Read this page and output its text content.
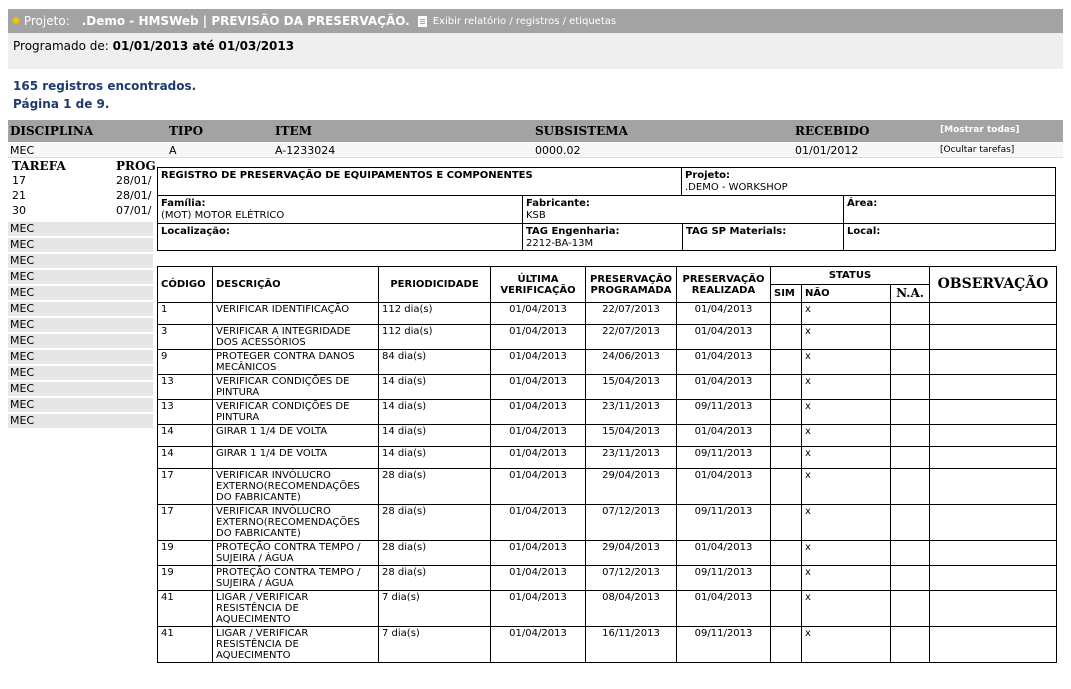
● Projeto: .Demo - HMSWeb | PREVISÃO DA PRESERVAÇÃO. Exibir relatório / registros / etiquetas
Programado de: 01/01/2013 até 01/03/2013
165 registros encontrados.
Página 1 de 9.
DISCIPLINA	TIPO	ITEM	SUBSISTEMA	RECEBIDO	[Mostrar todas]
MEC	A	A-1233024	0000.02	01/01/2012	[Ocultar tarefas]
TAREFA	PROG
17	28/01/
21	28/01/
30	07/01/
MEC
MEC
MEC
MEC
MEC
MEC
MEC
MEC
MEC
MEC
MEC
MEC
MEC
REGISTRO DE PRESERVAÇÃO DE EQUIPAMENTOS E COMPONENTES	Projeto:
.DEMO - WORKSHOP
Família:
(MOT) MOTOR ELÉTRICO
Fabricante:
KSB
Área:
Localização:	TAG Engenharia:
2212-BA-13M
TAG SP Materials:	Local:
CÓDIGO	DESCRIÇÃO	PERIODICIDADE	ÚLTIMA VERIFICAÇÃO	PRESERVAÇÃO PROGRAMADA	PRESERVAÇÃO REALIZADA	STATUS			OBSERVAÇÃO
						SIM	NÃO	N.A.	
1	VERIFICAR IDENTIFICAÇÃO	112 dia(s)	01/04/2013	22/07/2013	01/04/2013		x		
3	VERIFICAR A INTEGRIDADE DOS ACESSÓRIOS	112 dia(s)	01/04/2013	22/07/2013	01/04/2013		x		
9	PROTEGER CONTRA DANOS MECÂNICOS	84 dia(s)	01/04/2013	24/06/2013	01/04/2013		x		
13	VERIFICAR CONDIÇÕES DE PINTURA	14 dia(s)	01/04/2013	15/04/2013	01/04/2013		x		
13	VERIFICAR CONDIÇÕES DE PINTURA	14 dia(s)	01/04/2013	23/11/2013	09/11/2013		x		
14	GIRAR 1 1/4 DE VOLTA	14 dia(s)	01/04/2013	15/04/2013	01/04/2013		x		
14	GIRAR 1 1/4 DE VOLTA	14 dia(s)	01/04/2013	23/11/2013	09/11/2013		x		
17	VERIFICAR INVÓLUCRO EXTERNO(RECOMENDAÇÕES DO FABRICANTE)	28 dia(s)	01/04/2013	29/04/2013	01/04/2013		x		
17	VERIFICAR INVÓLUCRO EXTERNO(RECOMENDAÇÕES DO FABRICANTE)	28 dia(s)	01/04/2013	07/12/2013	09/11/2013		x		
19	PROTEÇÃO CONTRA TEMPO / SUJEIRA / ÁGUA	28 dia(s)	01/04/2013	29/04/2013	01/04/2013		x		
19	PROTEÇÃO CONTRA TEMPO / SUJEIRA / ÁGUA	28 dia(s)	01/04/2013	07/12/2013	09/11/2013		x		
41	LIGAR / VERIFICAR RESISTÊNCIA DE AQUECIMENTO	7 dia(s)	01/04/2013	08/04/2013	01/04/2013		x		
41	LIGAR / VERIFICAR RESISTÊNCIA DE AQUECIMENTO	7 dia(s)	01/04/2013	16/11/2013	09/11/2013		x		
